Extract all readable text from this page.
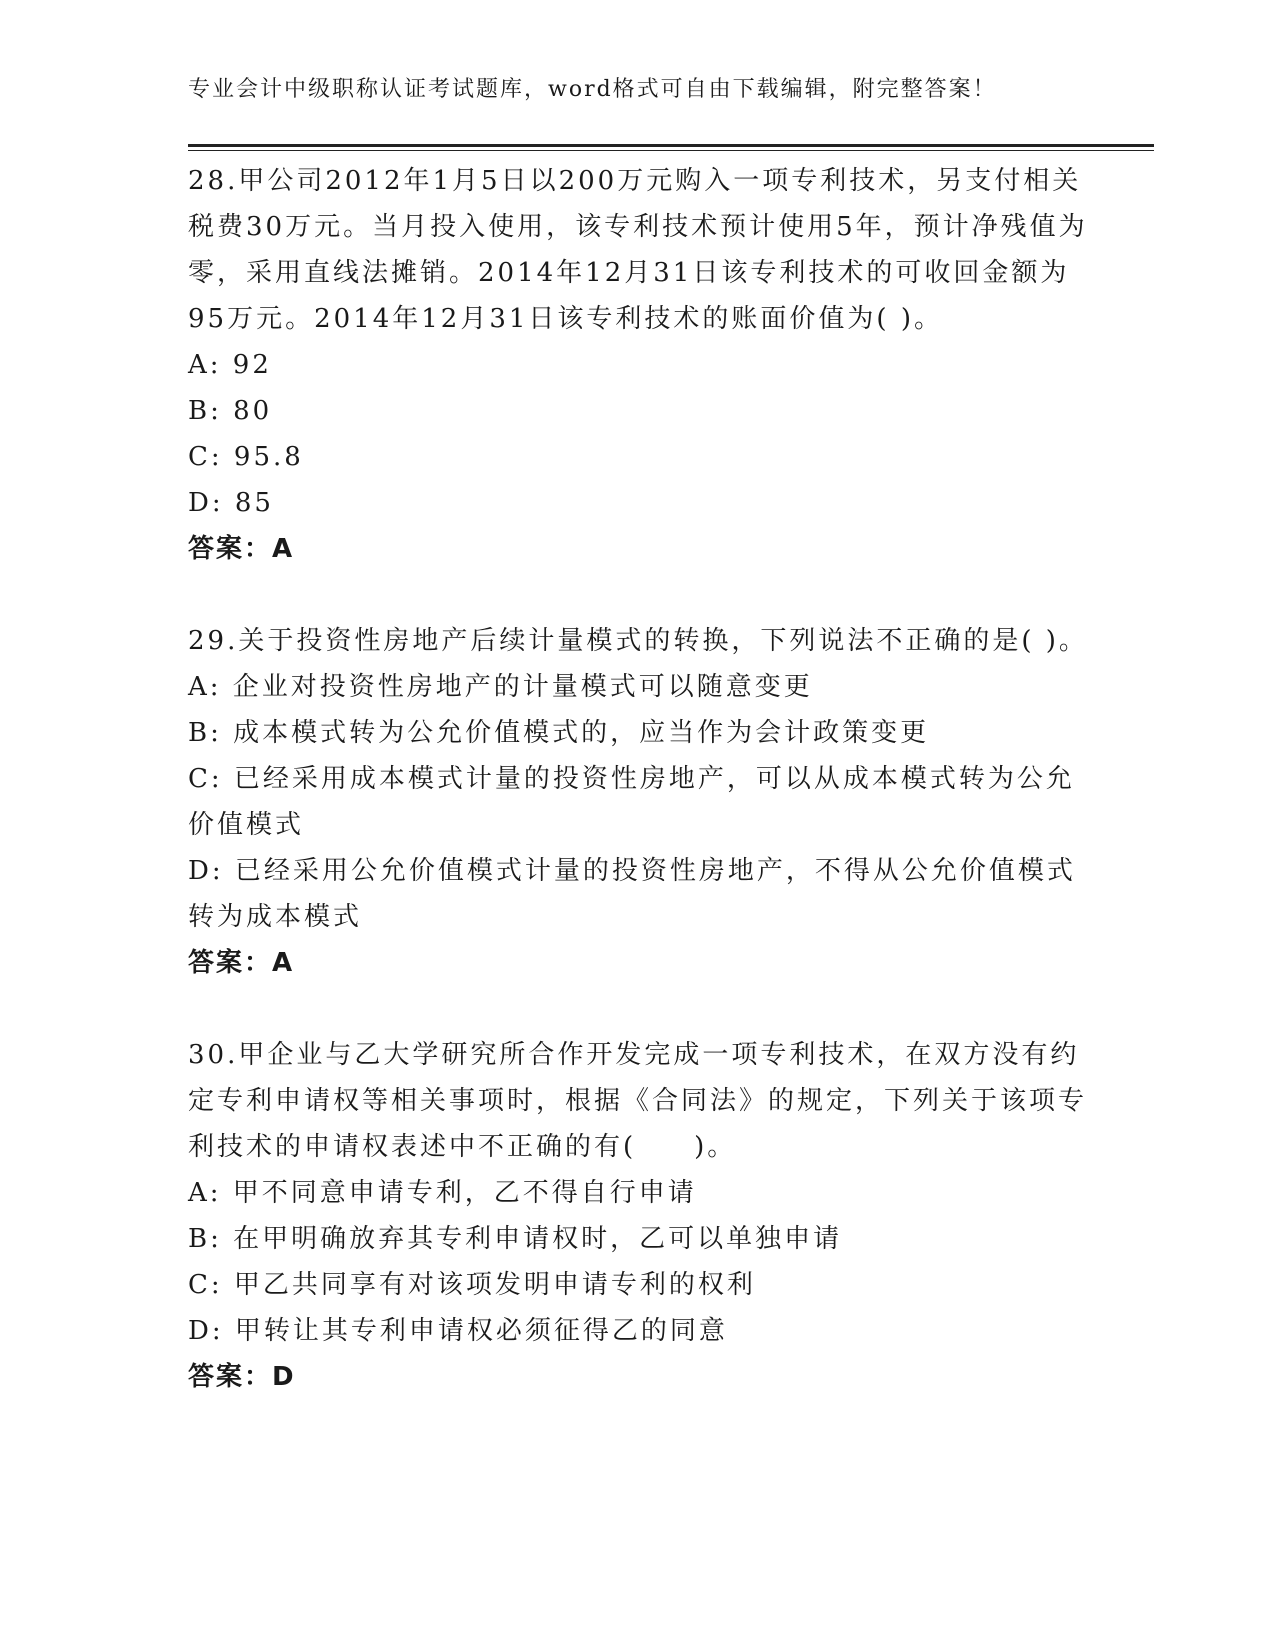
专业会计中级职称认证考试题库，word格式可自由下载编辑，附完整答案！

28.甲公司2012年1月5日以200万元购入一项专利技术，另支付相关税费30万元。当月投入使用，该专利技术预计使用5年，预计净残值为零，采用直线法摊销。2014年12月31日该专利技术的可收回金额为95万元。2014年12月31日该专利技术的账面价值为( )。

A: 92

B: 80

C: 95.8

D: 85

答案：A

29.关于投资性房地产后续计量模式的转换，下列说法不正确的是( )。

A: 企业对投资性房地产的计量模式可以随意变更

B: 成本模式转为公允价值模式的，应当作为会计政策变更

C: 已经采用成本模式计量的投资性房地产，可以从成本模式转为公允价值模式

D: 已经采用公允价值模式计量的投资性房地产，不得从公允价值模式转为成本模式

答案：A

30.甲企业与乙大学研究所合作开发完成一项专利技术，在双方没有约定专利申请权等相关事项时，根据《合同法》的规定，下列关于该项专利技术的申请权表述中不正确的有(　　)。

A: 甲不同意申请专利，乙不得自行申请

B: 在甲明确放弃其专利申请权时，乙可以单独申请

C: 甲乙共同享有对该项发明申请专利的权利

D: 甲转让其专利申请权必须征得乙的同意

答案：D
